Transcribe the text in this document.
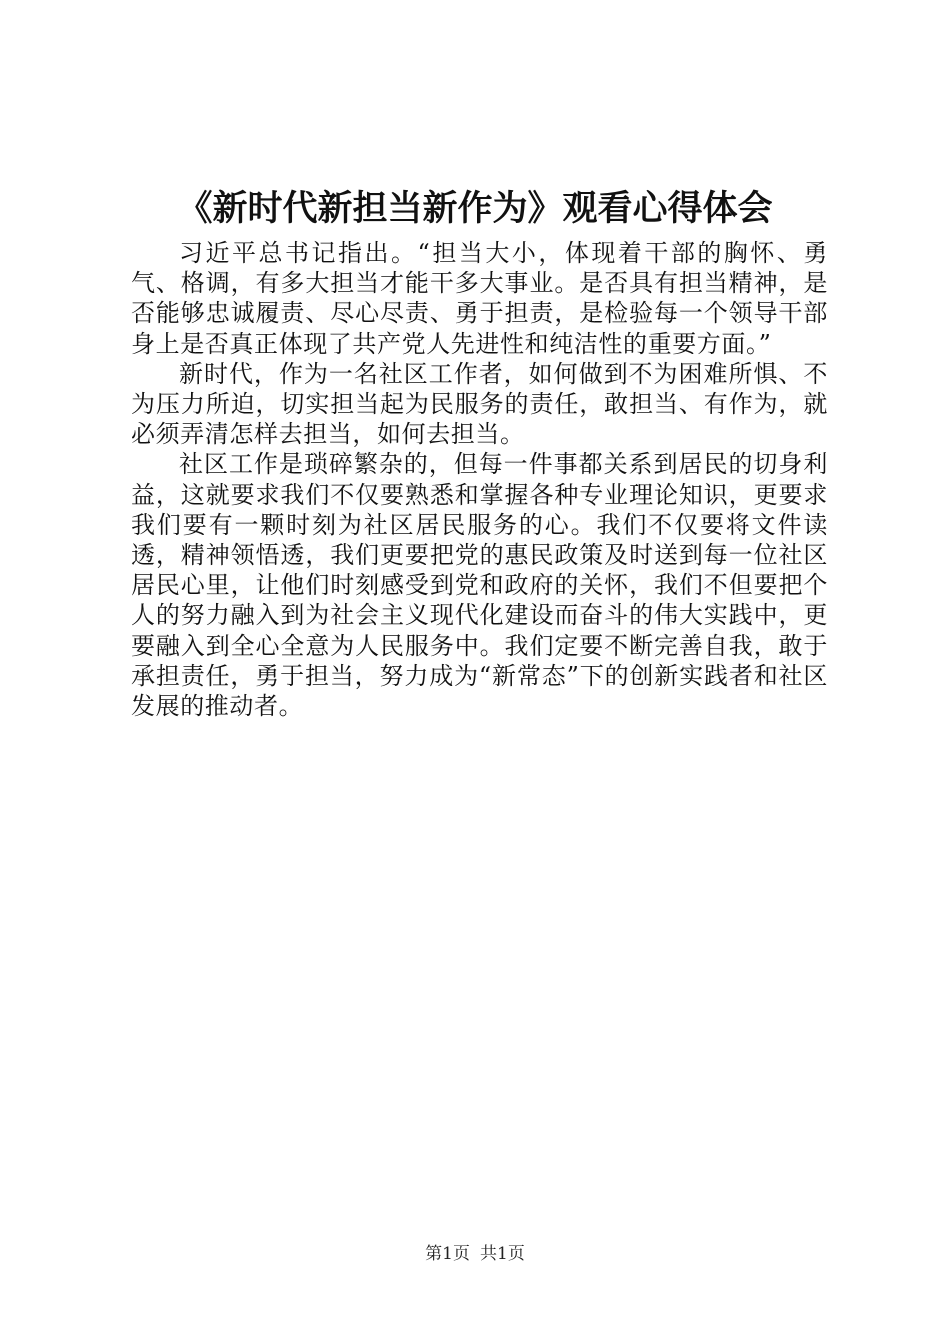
《新时代新担当新作为》观看心得体会

习近平总书记指出。“担当大小，体现着干部的胸怀、勇气、格调，有多大担当才能干多大事业。是否具有担当精神，是否能够忠诚履责、尽心尽责、勇于担责，是检验每一个领导干部身上是否真正体现了共产党人先进性和纯洁性的重要方面。”

新时代，作为一名社区工作者，如何做到不为困难所惧、不为压力所迫，切实担当起为民服务的责任，敢担当、有作为，就必须弄清怎样去担当，如何去担当。

社区工作是琐碎繁杂的，但每一件事都关系到居民的切身利益，这就要求我们不仅要熟悉和掌握各种专业理论知识，更要求我们要有一颗时刻为社区居民服务的心。我们不仅要将文件读透，精神领悟透，我们更要把党的惠民政策及时送到每一位社区居民心里，让他们时刻感受到党和政府的关怀，我们不但要把个人的努力融入到为社会主义现代化建设而奋斗的伟大实践中，更要融入到全心全意为人民服务中。我们定要不断完善自我，敢于承担责任，勇于担当，努力成为“新常态”下的创新实践者和社区发展的推动者。

第1页 共1页
